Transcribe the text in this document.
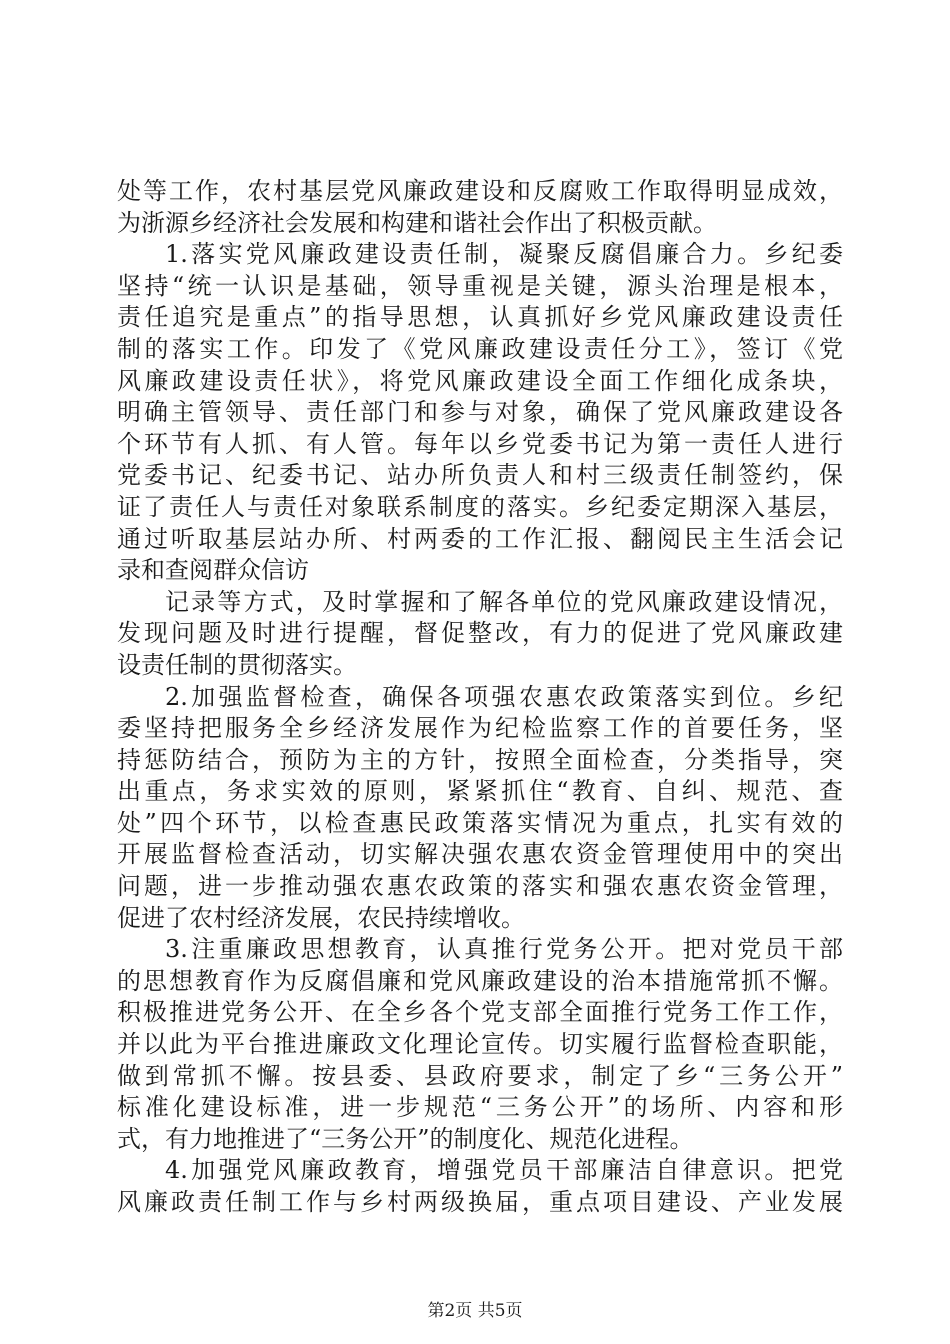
处等工作，农村基层党风廉政建设和反腐败工作取得明显成效，
为浙源乡经济社会发展和构建和谐社会作出了积极贡献。
1.落实党风廉政建设责任制，凝聚反腐倡廉合力。乡纪委
坚持“统一认识是基础，领导重视是关键，源头治理是根本，
责任追究是重点”的指导思想，认真抓好乡党风廉政建设责任
制的落实工作。印发了《党风廉政建设责任分工》，签订《党
风廉政建设责任状》，将党风廉政建设全面工作细化成条块，
明确主管领导、责任部门和参与对象，确保了党风廉政建设各
个环节有人抓、有人管。每年以乡党委书记为第一责任人进行
党委书记、纪委书记、站办所负责人和村三级责任制签约，保
证了责任人与责任对象联系制度的落实。乡纪委定期深入基层，
通过听取基层站办所、村两委的工作汇报、翻阅民主生活会记
录和查阅群众信访
记录等方式，及时掌握和了解各单位的党风廉政建设情况，
发现问题及时进行提醒，督促整改，有力的促进了党风廉政建
设责任制的贯彻落实。
2.加强监督检查，确保各项强农惠农政策落实到位。乡纪
委坚持把服务全乡经济发展作为纪检监察工作的首要任务，坚
持惩防结合，预防为主的方针，按照全面检查，分类指导，突
出重点，务求实效的原则，紧紧抓住“教育、自纠、规范、查
处”四个环节，以检查惠民政策落实情况为重点，扎实有效的
开展监督检查活动，切实解决强农惠农资金管理使用中的突出
问题，进一步推动强农惠农政策的落实和强农惠农资金管理，
促进了农村经济发展，农民持续增收。
3.注重廉政思想教育，认真推行党务公开。把对党员干部
的思想教育作为反腐倡廉和党风廉政建设的治本措施常抓不懈。
积极推进党务公开、在全乡各个党支部全面推行党务工作工作，
并以此为平台推进廉政文化理论宣传。切实履行监督检查职能，
做到常抓不懈。按县委、县政府要求，制定了乡“三务公开”
标准化建设标准，进一步规范“三务公开”的场所、内容和形
式，有力地推进了“三务公开”的制度化、规范化进程。
4.加强党风廉政教育，增强党员干部廉洁自律意识。把党
风廉政责任制工作与乡村两级换届，重点项目建设、产业发展
第2页 共5页
